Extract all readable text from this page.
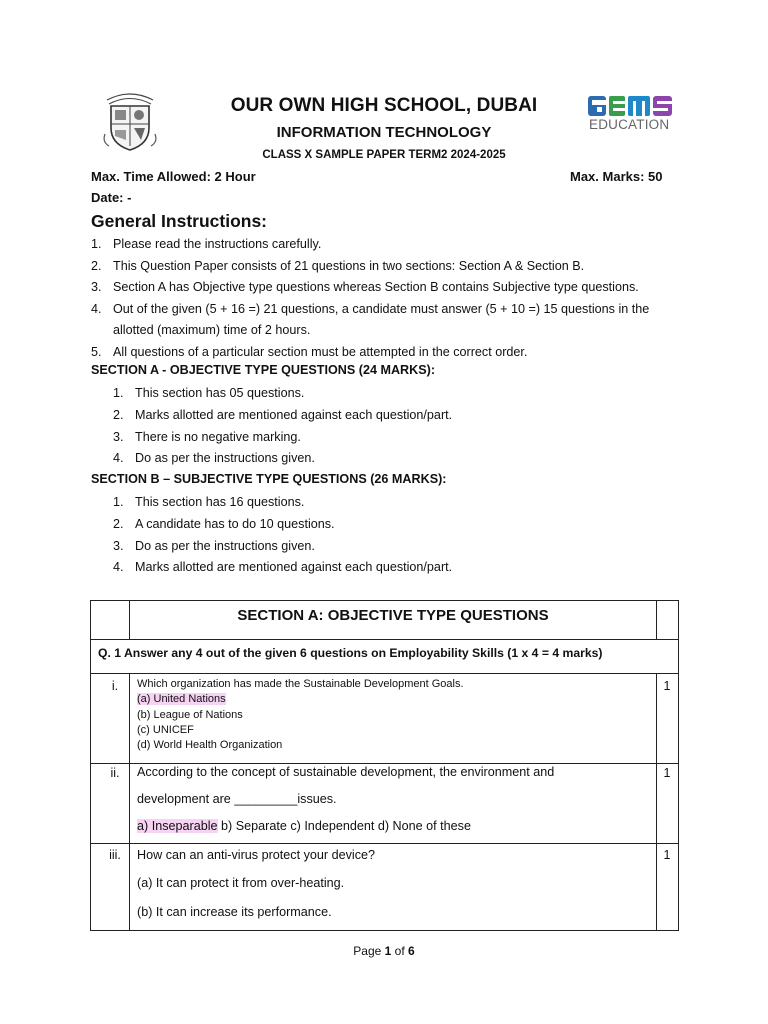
OUR OWN HIGH SCHOOL, DUBAI
INFORMATION TECHNOLOGY
CLASS X SAMPLE PAPER TERM2 2024-2025
EDUCATION
Max. Time Allowed: 2 Hour	Max. Marks: 50
Date: -
General Instructions:
1. Please read the instructions carefully.
2. This Question Paper consists of 21 questions in two sections: Section A & Section B.
3. Section A has Objective type questions whereas Section B contains Subjective type questions.
4. Out of the given (5 + 16 =) 21 questions, a candidate must answer (5 + 10 =) 15 questions in the allotted (maximum) time of 2 hours.
5. All questions of a particular section must be attempted in the correct order.
SECTION A - OBJECTIVE TYPE QUESTIONS (24 MARKS):
1. This section has 05 questions.
2. Marks allotted are mentioned against each question/part.
3. There is no negative marking.
4. Do as per the instructions given.
SECTION B – SUBJECTIVE TYPE QUESTIONS (26 MARKS):
1. This section has 16 questions.
2. A candidate has to do 10 questions.
3. Do as per the instructions given.
4. Marks allotted are mentioned against each question/part.
SECTION A: OBJECTIVE TYPE QUESTIONS
Q. 1 Answer any 4 out of the given 6 questions on Employability Skills (1 x 4 = 4 marks)
i.	Which organization has made the Sustainable Development Goals.
(a) United Nations
(b) League of Nations
(c) UNICEF
(d) World Health Organization
1
ii.	According to the concept of sustainable development, the environment and
development are _________issues.
a) Inseparable b) Separate c) Independent d) None of these
1
iii.	How can an anti-virus protect your device?
(a) It can protect it from over-heating.
(b) It can increase its performance.
1
Page 1 of 6
